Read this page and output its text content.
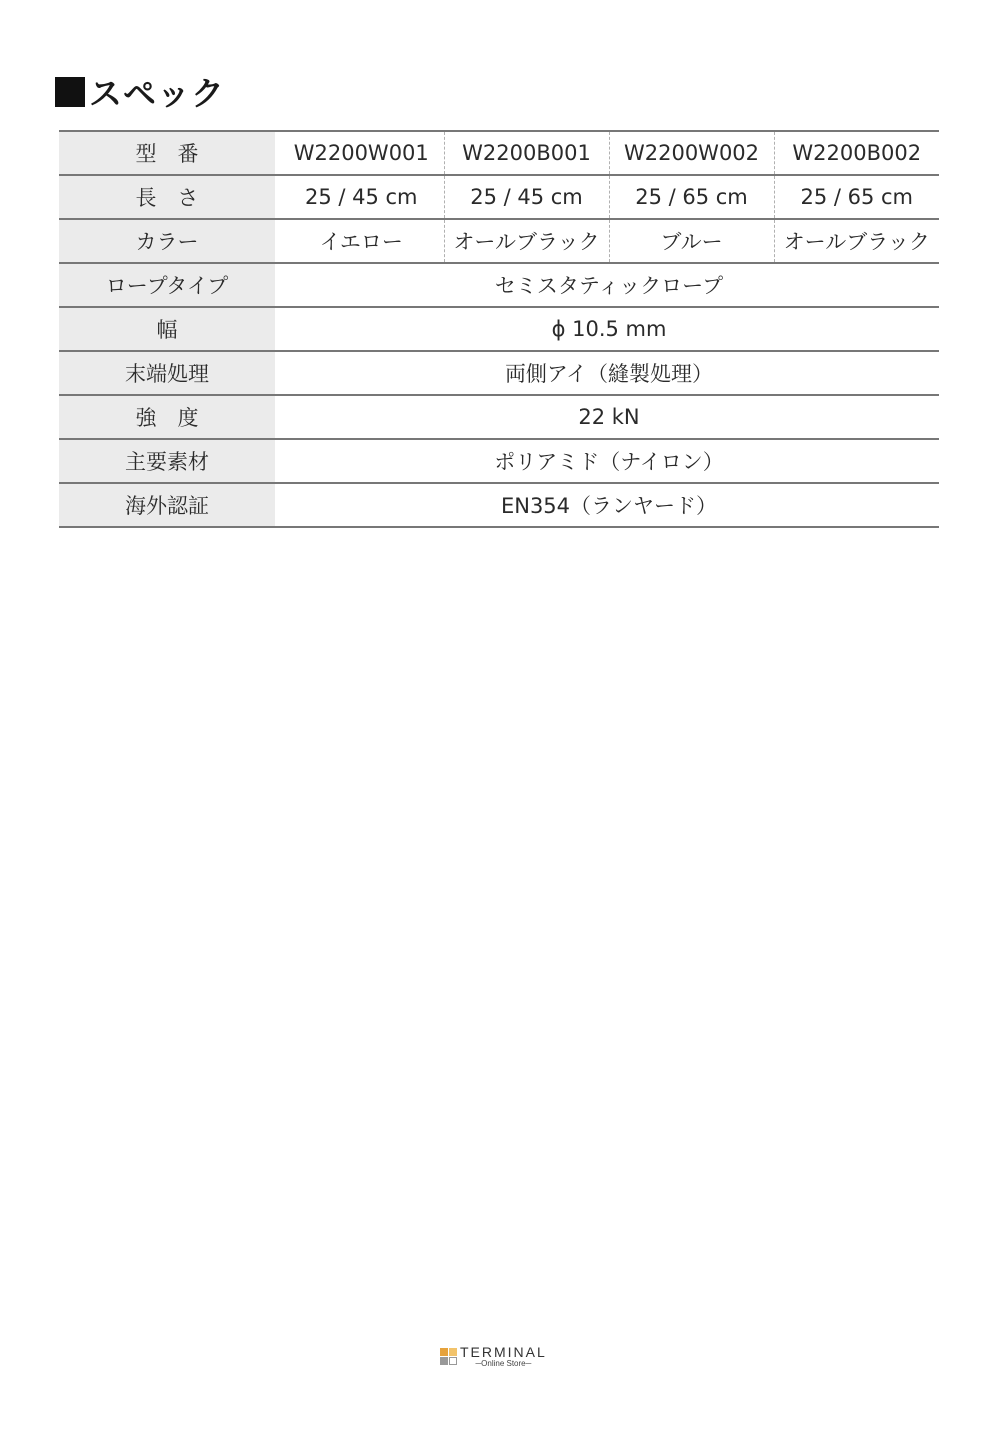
スペック
型　番		W2200W001	W2200B001	W2200W002	W2200B002
長　さ		25 / 45 cm	25 / 45 cm	25 / 65 cm	25 / 65 cm
カラー		イエロー	オールブラック	ブルー	オールブラック
ロープタイプ		セミスタティックロープ			
幅		ϕ 10.5 mm			
末端処理		両側アイ（縫製処理）			
強　度		22 kN			
主要素材		ポリアミド（ナイロン）			
海外認証		EN354（ランヤード）			
TERMINAL
─Online Store─
